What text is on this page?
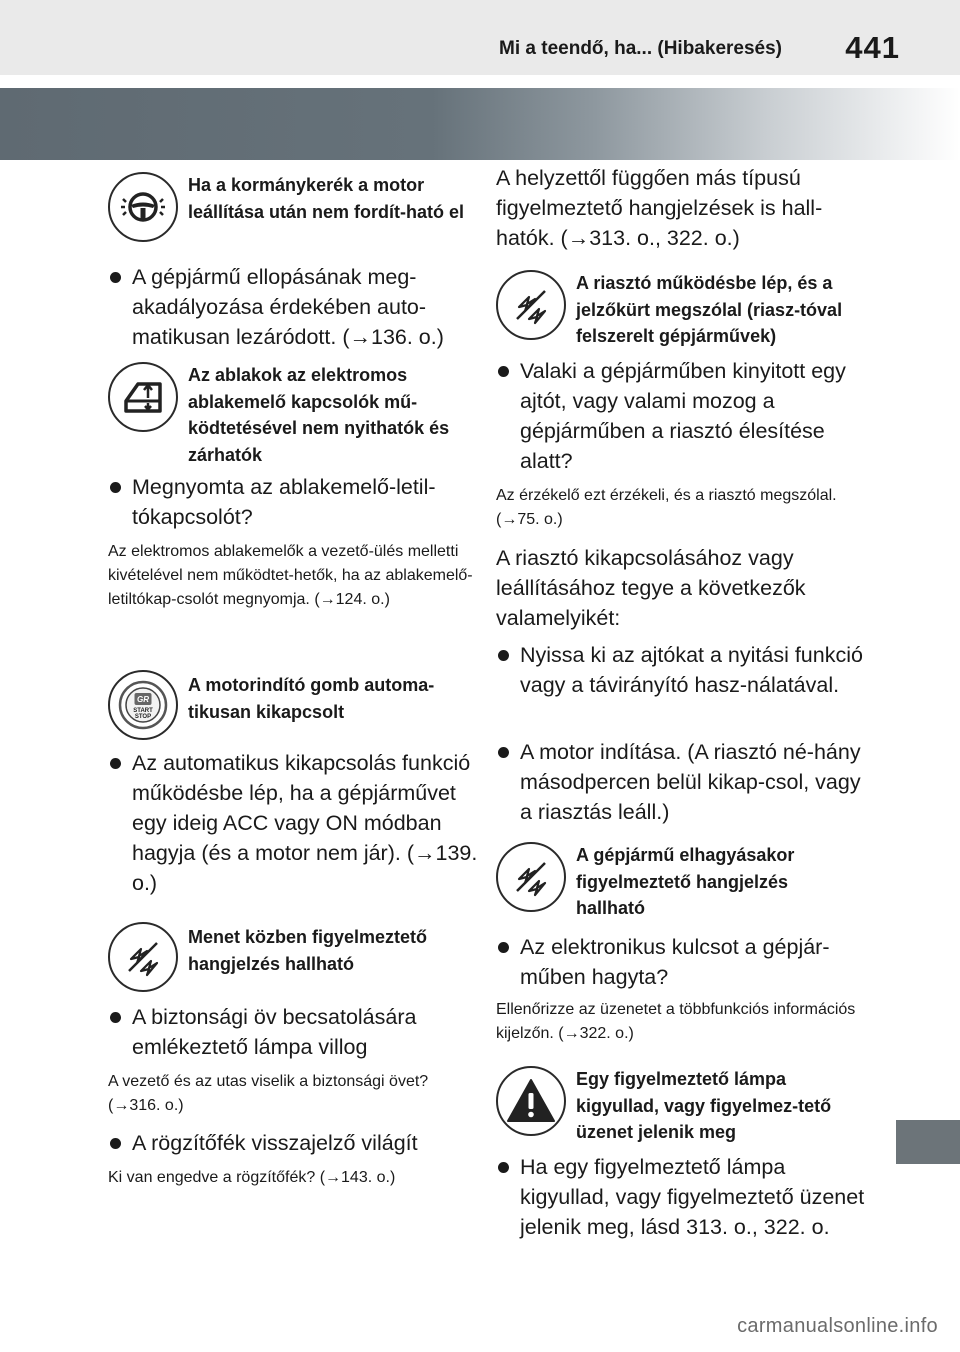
Mi a teendő, ha... (Hibakeresés)	441
Ha a kormánykerék a motor leállítása után nem fordít-ható el
A gépjármű ellopásának meg-akadályozása érdekében auto-matikusan lezáródott. (→136. o.)
Az ablakok az elektromos ablakemelő kapcsolók mű-ködtetésével nem nyithatók és zárhatók
Megnyomta az ablakemelő-letil-tókapcsolót?
Az elektromos ablakemelők a vezető-ülés melletti kivételével nem működtet-hetők, ha az ablakemelő-letiltókap-csolót megnyomja. (→124. o.)
GR
START
STOP
A motorindító gomb automa-tikusan kikapcsolt
Az automatikus kikapcsolás funkció működésbe lép, ha a gépjárművet egy ideig ACC vagy ON módban hagyja (és a motor nem jár). (→139. o.)
Menet közben figyelmeztető hangjelzés hallható
A biztonsági öv becsatolására emlékeztető lámpa villog
A vezető és az utas viselik a biztonsági övet? (→316. o.)
A rögzítőfék visszajelző világít
Ki van engedve a rögzítőfék? (→143. o.)
A helyzettől függően más típusú figyelmeztető hangjelzések is hall-hatók. (→313. o., 322. o.)
A riasztó működésbe lép, és a jelzőkürt megszólal (riasz-tóval felszerelt gépjárművek)
Valaki a gépjárműben kinyitott egy ajtót, vagy valami mozog a gépjárműben a riasztó élesítése alatt?
Az érzékelő ezt érzékeli, és a riasztó megszólal. (→75. o.)
A riasztó kikapcsolásához vagy leállításához tegye a következők valamelyikét:
Nyissa ki az ajtókat a nyitási funkció vagy a távirányító hasz-nálatával.
A motor indítása. (A riasztó né-hány másodpercen belül kikap-csol, vagy a riasztás leáll.)
A gépjármű elhagyásakor figyelmeztető hangjelzés hallható
Az elektronikus kulcsot a gépjár-műben hagyta?
Ellenőrizze az üzenetet a többfunkciós információs kijelzőn. (→322. o.)
Egy figyelmeztető lámpa kigyullad, vagy figyelmez-tető üzenet jelenik meg
Ha egy figyelmeztető lámpa kigyullad, vagy figyelmeztető üzenet jelenik meg, lásd 313. o., 322. o.
carmanualsonline.info
